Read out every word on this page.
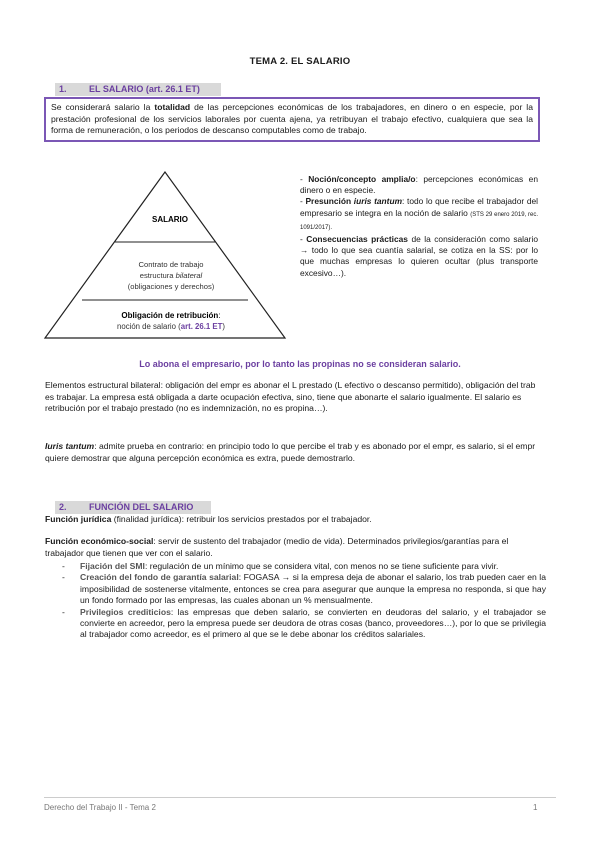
TEMA 2. EL SALARIO
1. EL SALARIO (art. 26.1 ET)
Se considerará salario la totalidad de las percepciones económicas de los trabajadores, en dinero o en especie, por la prestación profesional de los servicios laborales por cuenta ajena, ya retribuyan el trabajo efectivo, cualquiera que sea la forma de remuneración, o los periodos de descanso computables como de trabajo.
SALARIO
Contrato de trabajo
estructura bilateral
(obligaciones y derechos)
Obligación de retribución:
noción de salario (art. 26.1 ET)

- Noción/concepto amplia/o: percepciones económicas en dinero o en especie.

- Presunción iuris tantum: todo lo que recibe el trabajador del empresario se integra en la noción de salario (STS 29 enero 2019, rec. 1091/2017).

- Consecuencias prácticas de la consideración como salario → todo lo que sea cuantía salarial, se cotiza en la SS: por lo que muchas empresas lo quieren ocultar (plus transporte excesivo…).

Lo abona el empresario, por lo tanto las propinas no se consideran salario.
Elementos estructural bilateral: obligación del empr es abonar el L prestado (L efectivo o descanso permitido), obligación del trab es trabajar. La empresa está obligada a darte ocupación efectiva, sino, tiene que abonarte el salario igualmente. El salario es retribución por el trabajo prestado (no es indemnización, no es propina…).
Iuris tantum: admite prueba en contrario: en principio todo lo que percibe el trab y es abonado por el empr, es salario, si el empr quiere demostrar que alguna percepción económica es extra, puede demostrarlo.
2. FUNCIÓN DEL SALARIO
Función jurídica (finalidad jurídica): retribuir los servicios prestados por el trabajador.
Función económico-social: servir de sustento del trabajador (medio de vida). Determinados privilegios/garantías para el trabajador que tienen que ver con el salario.
- Fijación del SMI: regulación de un mínimo que se considera vital, con menos no se tiene suficiente para vivir.
- Creación del fondo de garantía salarial: FOGASA → si la empresa deja de abonar el salario, los trab pueden caer en la imposibilidad de sostenerse vitalmente, entonces se crea para asegurar que aunque la empresa no responda, si que hay un fondo formado por las empresas, las cuales abonan un % mensualmente.
- Privilegios crediticios: las empresas que deben salario, se convierten en deudoras del salario, y el trabajador se convierte en acreedor, pero la empresa puede ser deudora de otras cosas (banco, proveedores…), por lo que se privilegia al trabajador como acreedor, es el primero al que se le debe abonar los créditos salariales.
Derecho del Trabajo II - Tema 2	1
